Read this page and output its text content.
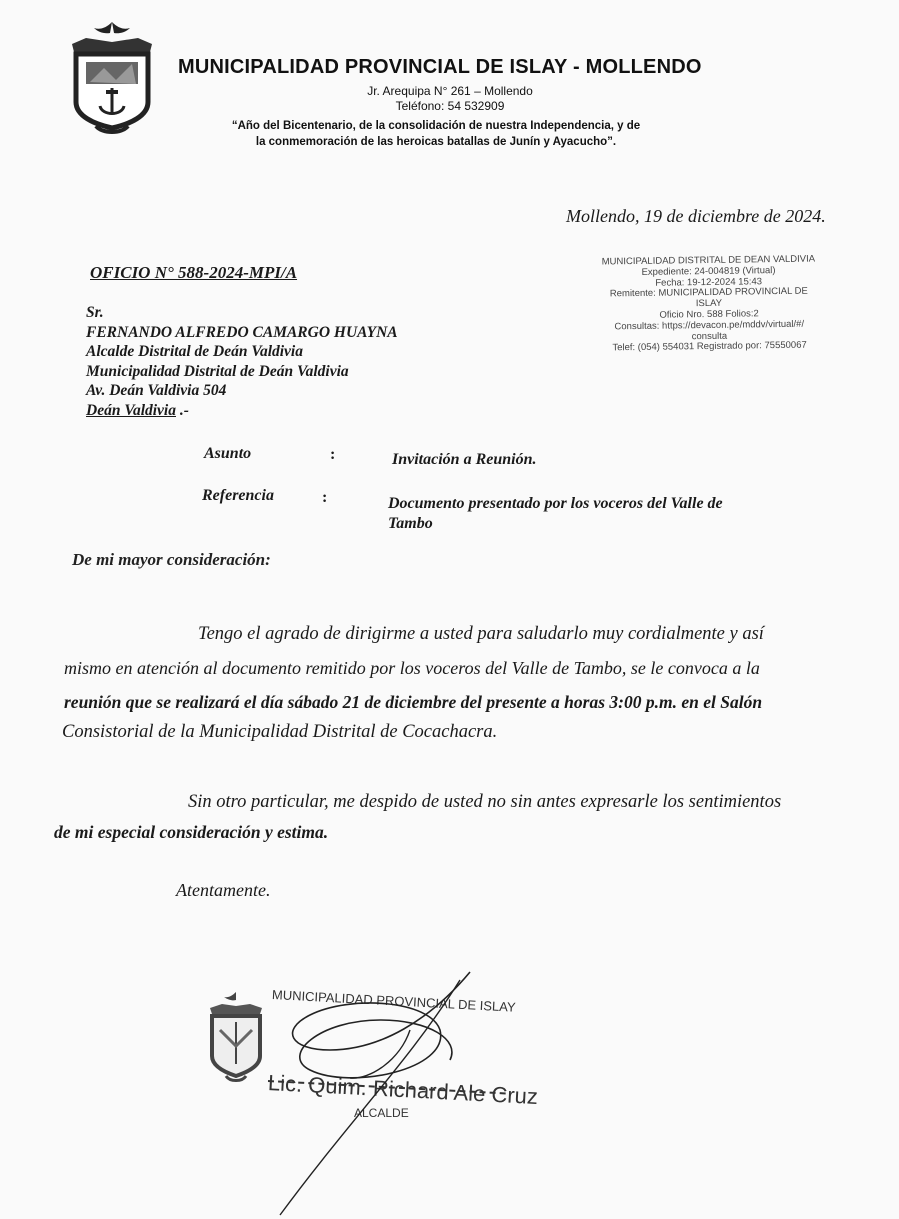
MUNICIPALIDAD PROVINCIAL DE ISLAY - MOLLENDO
Jr. Arequipa N° 261 – Mollendo
Teléfono: 54 532909
“Año del Bicentenario, de la consolidación de nuestra Independencia, y de
la conmemoración de las heroicas batallas de Junín y Ayacucho”.
Mollendo, 19 de diciembre de 2024.
OFICIO N° 588-2024-MPI/A
MUNICIPALIDAD DISTRITAL DE DEAN VALDIVIA
Expediente: 24-004819 (Virtual)
Fecha: 19-12-2024 15:43
Remitente: MUNICIPALIDAD PROVINCIAL DE
ISLAY
Oficio Nro. 588 Folios:2
Consultas: https://devacon.pe/mddv/virtual/#/
consulta
Telef: (054) 554031 Registrado por: 75550067
Sr.
FERNANDO ALFREDO CAMARGO HUAYNA
Alcalde Distrital de Deán Valdivia
Municipalidad Distrital de Deán Valdivia
Av. Deán Valdivia 504
Deán Valdivia .-
Asunto	:	Invitación a Reunión.
Referencia	:	Documento presentado por los voceros del Valle de
Tambo
De mi mayor consideración:
Tengo el agrado de dirigirme a usted para saludarlo muy cordialmente y así
mismo en atención al documento remitido por los voceros del Valle de Tambo, se le convoca a la
reunión que se realizará el día sábado 21 de diciembre del presente a horas 3:00 p.m. en el Salón
Consistorial de la Municipalidad Distrital de Cocachacra.
Sin otro particular, me despido de usted no sin antes expresarle los sentimientos
de mi especial consideración y estima.
Atentamente.
MUNICIPALIDAD PROVINCIAL DE ISLAY
Lic. Quim. Richard Ale Cruz
ALCALDE
